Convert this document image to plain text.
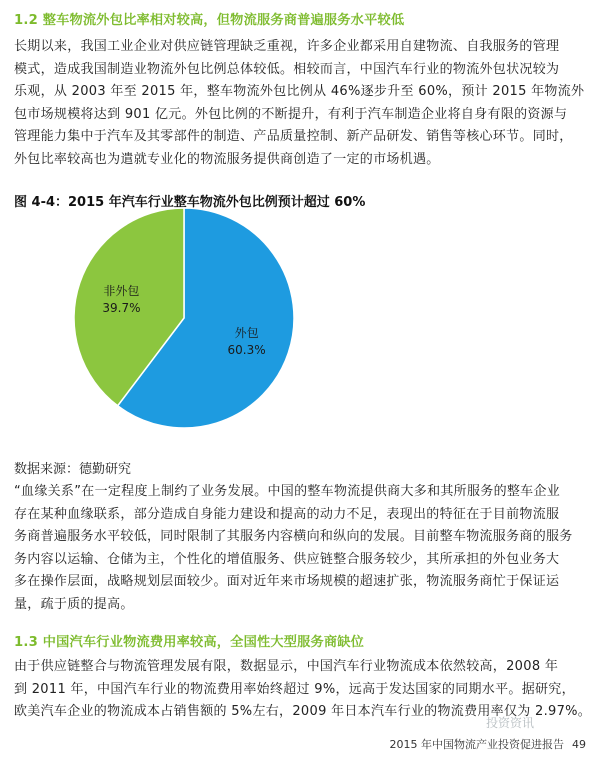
1.2 整车物流外包比率相对较高，但物流服务商普遍服务水平较低
长期以来，我国工业企业对供应链管理缺乏重视，许多企业都采用自建物流、自我服务的管理
模式，造成我国制造业物流外包比例总体较低。相较而言，中国汽车行业的物流外包状况较为
乐观，从 2003 年至 2015 年，整车物流外包比例从 46%逐步升至 60%，预计 2015 年物流外
包市场规模将达到 901 亿元。外包比例的不断提升，有利于汽车制造企业将自身有限的资源与
管理能力集中于汽车及其零部件的制造、产品质量控制、新产品研发、销售等核心环节。同时，
外包比率较高也为遣就专业化的物流服务提供商创造了一定的市场机遇。
图 4-4：2015 年汽车行业整车物流外包比例预计超过 60%
外包
60.3%
非外包
39.7%
数据来源：德勤研究
“血缘关系”在一定程度上制约了业务发展。中国的整车物流提供商大多和其所服务的整车企业
存在某种血缘联系，部分造成自身能力建设和提高的动力不足，表现出的特征在于目前物流服
务商普遍服务水平较低，同时限制了其服务内容横向和纵向的发展。目前整车物流服务商的服务
务内容以运输、仓储为主，个性化的增值服务、供应链整合服务较少，其所承担的外包业务大
多在操作层面，战略规划层面较少。面对近年来市场规模的超速扩张，物流服务商忙于保证运
量，疏于质的提高。
1.3 中国汽车行业物流费用率较高，全国性大型服务商缺位
由于供应链整合与物流管理发展有限，数据显示，中国汽车行业物流成本依然较高，2008 年
到 2011 年，中国汽车行业的物流费用率始终超过 9%，远高于发达国家的同期水平。据研究，
欧美汽车企业的物流成本占销售额的 5%左右，2009 年日本汽车行业的物流费用率仅为 2.97%。
投资资讯
2015 年中国物流产业投资促进报告 49
